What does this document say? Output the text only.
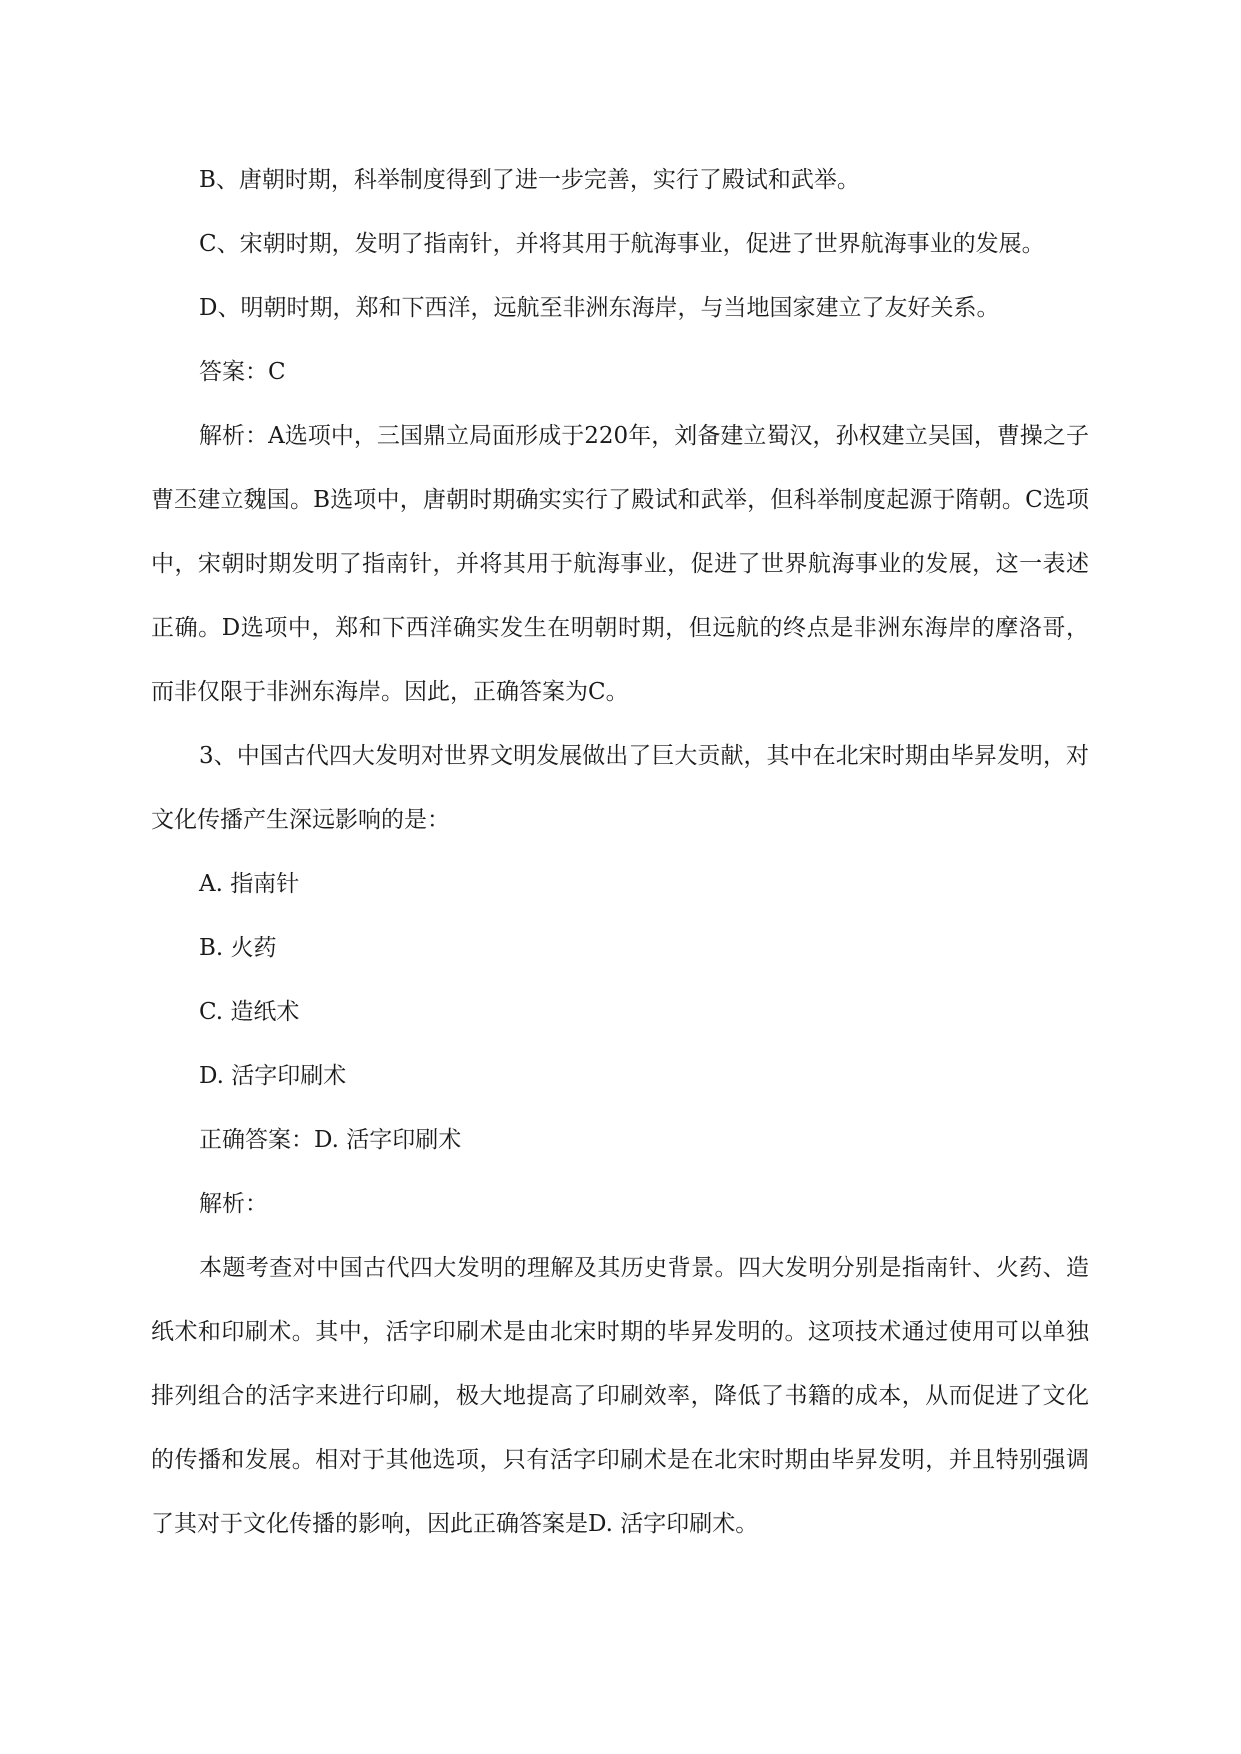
B、唐朝时期，科举制度得到了进一步完善，实行了殿试和武举。

C、宋朝时期，发明了指南针，并将其用于航海事业，促进了世界航海事业的发展。

D、明朝时期，郑和下西洋，远航至非洲东海岸，与当地国家建立了友好关系。

答案：C

解析：A选项中，三国鼎立局面形成于220年，刘备建立蜀汉，孙权建立吴国，曹操之子曹丕建立魏国。B选项中，唐朝时期确实实行了殿试和武举，但科举制度起源于隋朝。C选项中，宋朝时期发明了指南针，并将其用于航海事业，促进了世界航海事业的发展，这一表述正确。D选项中，郑和下西洋确实发生在明朝时期，但远航的终点是非洲东海岸的摩洛哥，而非仅限于非洲东海岸。因此，正确答案为C。

3、中国古代四大发明对世界文明发展做出了巨大贡献，其中在北宋时期由毕昇发明，对文化传播产生深远影响的是：

A. 指南针

B. 火药

C. 造纸术

D. 活字印刷术

正确答案：D. 活字印刷术

解析：

本题考查对中国古代四大发明的理解及其历史背景。四大发明分别是指南针、火药、造纸术和印刷术。其中，活字印刷术是由北宋时期的毕昇发明的。这项技术通过使用可以单独排列组合的活字来进行印刷，极大地提高了印刷效率，降低了书籍的成本，从而促进了文化的传播和发展。相对于其他选项，只有活字印刷术是在北宋时期由毕昇发明，并且特别强调了其对于文化传播的影响，因此正确答案是D. 活字印刷术。
